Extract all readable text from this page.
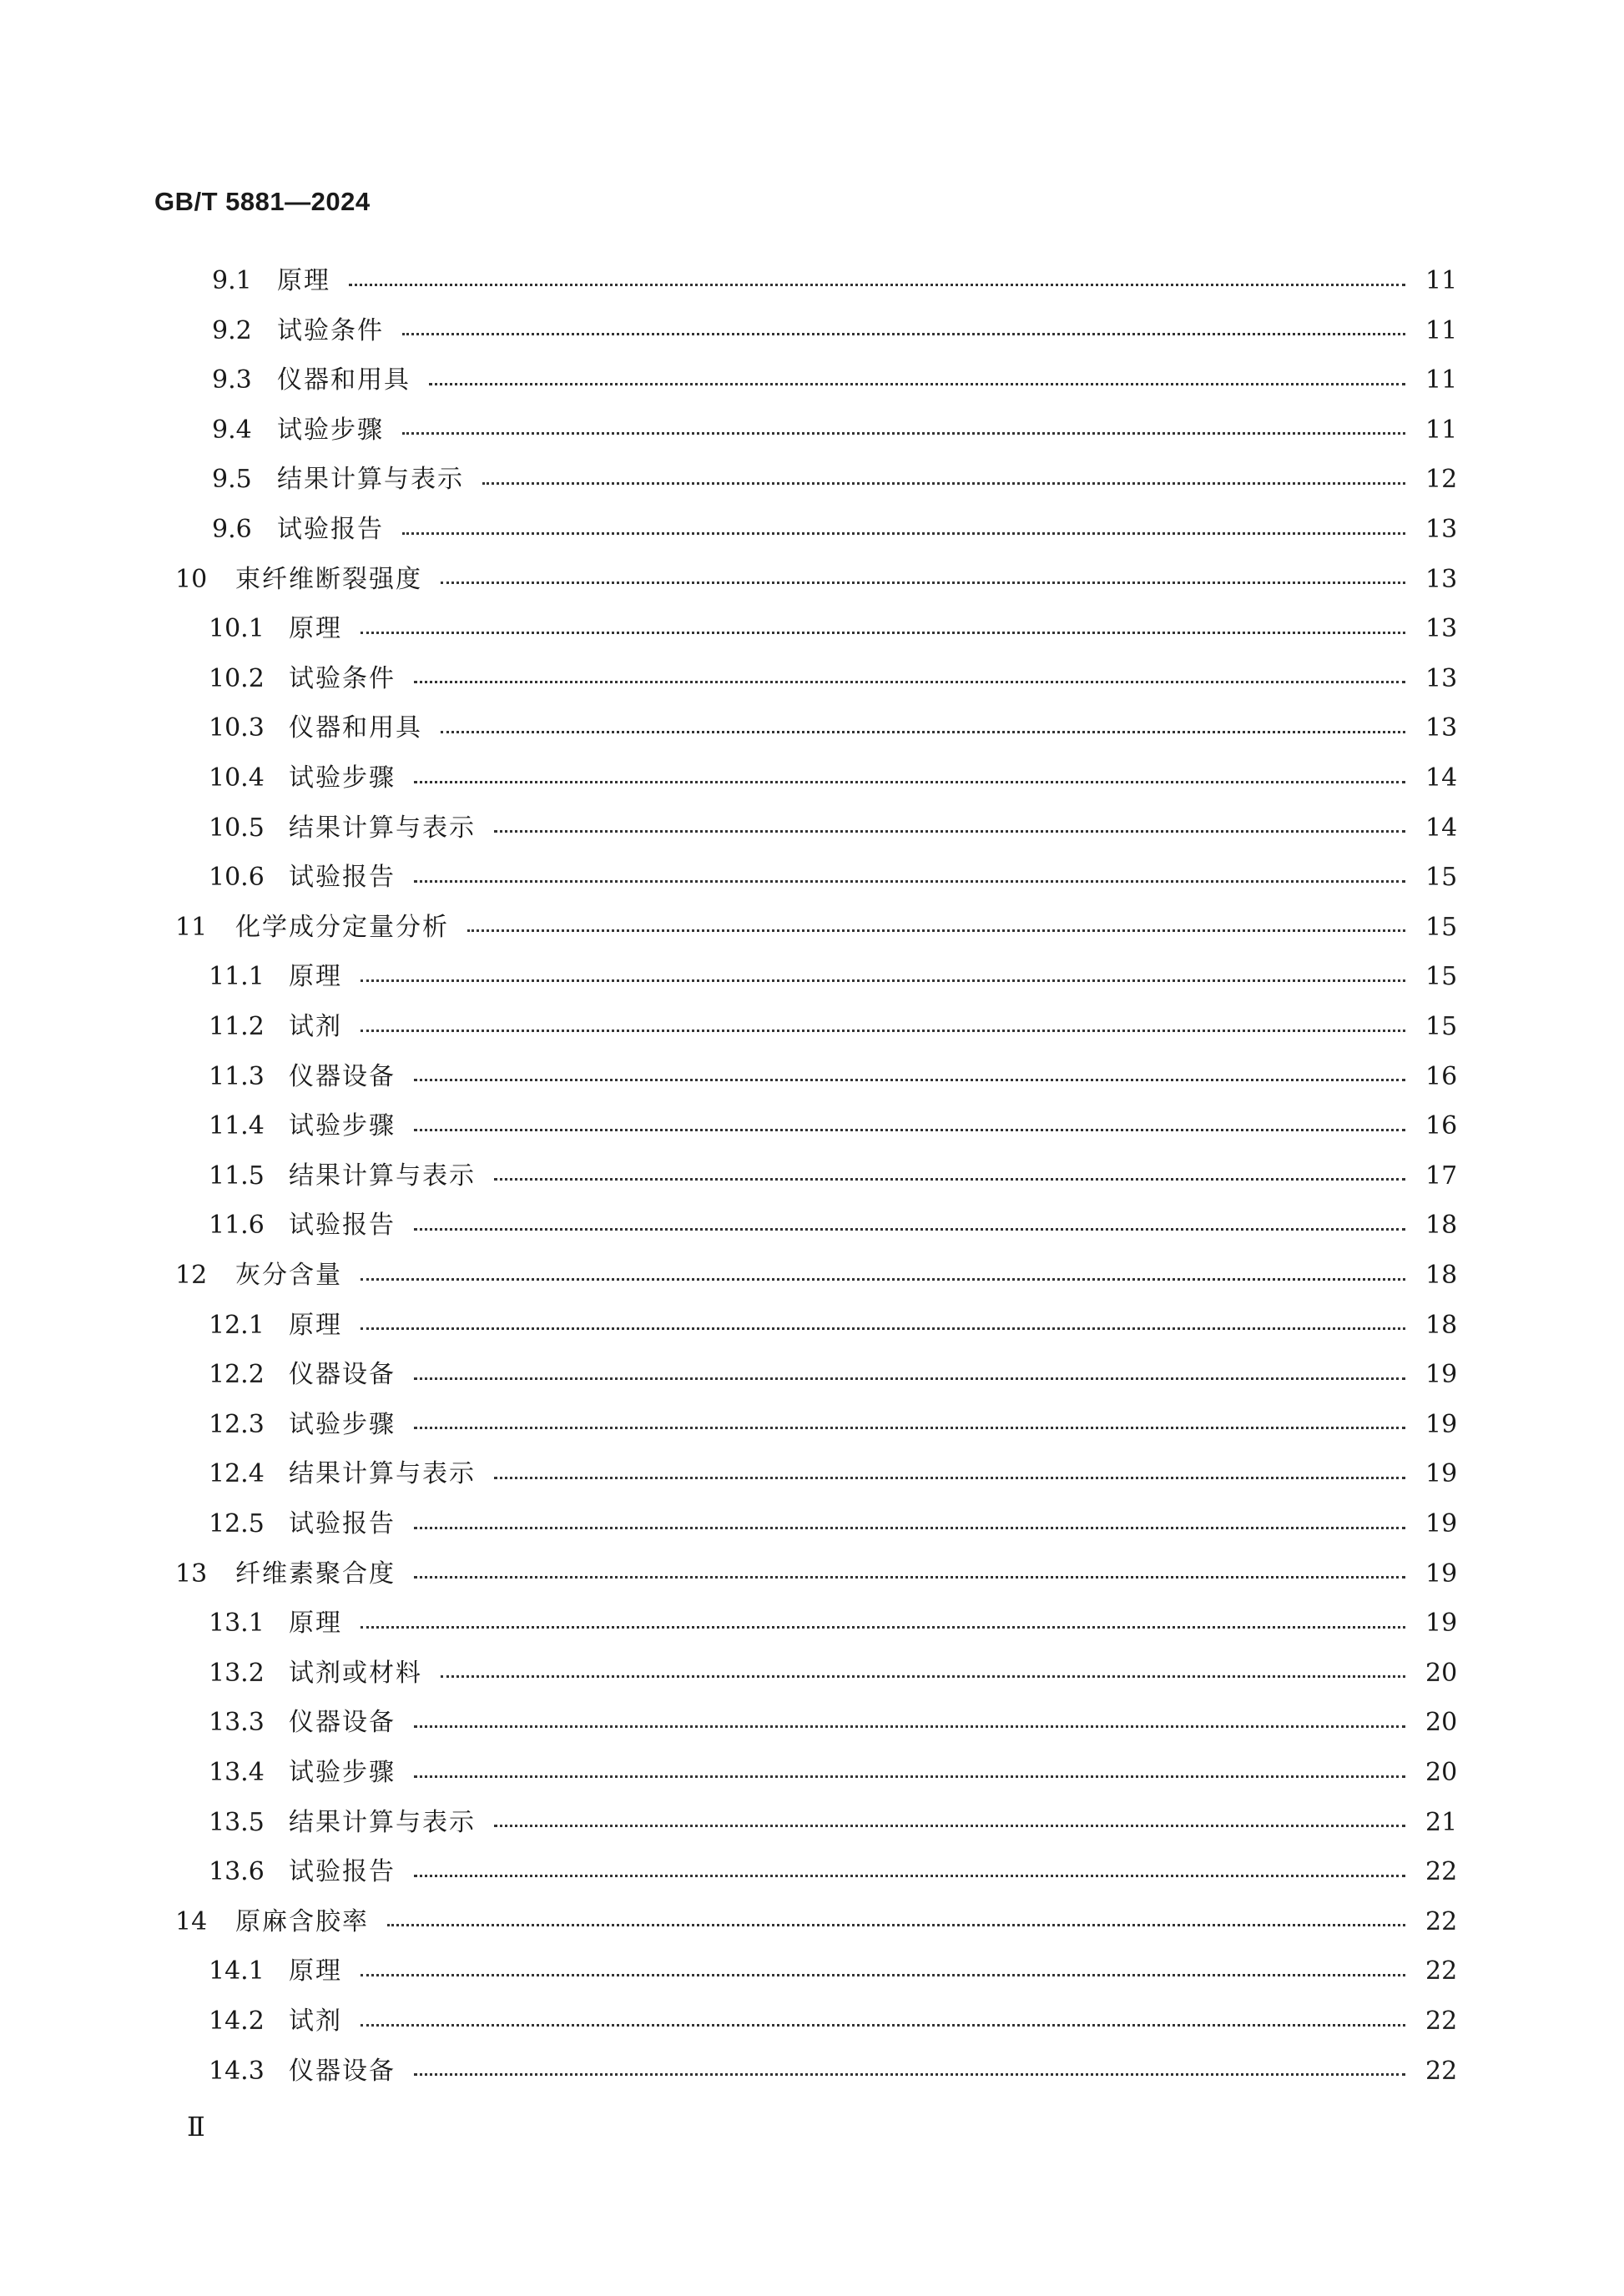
GB/T 5881—2024
9.1	原理	11
9.2	试验条件	11
9.3	仪器和用具	11
9.4	试验步骤	11
9.5	结果计算与表示	12
9.6	试验报告	13
10	束纤维断裂强度	13
10.1 原理	13
10.2 试验条件	13
10.3 仪器和用具	13
10.4 试验步骤	14
10.5 结果计算与表示	14
10.6 试验报告	15
11	化学成分定量分析	15
11.1 原理	15
11.2 试剂	15
11.3 仪器设备	16
11.4 试验步骤	16
11.5 结果计算与表示	17
11.6 试验报告	18
12	灰分含量	18
12.1 原理	18
12.2 仪器设备	19
12.3 试验步骤	19
12.4 结果计算与表示	19
12.5 试验报告	19
13	纤维素聚合度	19
13.1 原理	19
13.2 试剂或材料	20
13.3 仪器设备	20
13.4 试验步骤	20
13.5 结果计算与表示	21
13.6 试验报告	22
14	原麻含胶率	22
14.1 原理	22
14.2 试剂	22
14.3 仪器设备	22
Ⅱ
